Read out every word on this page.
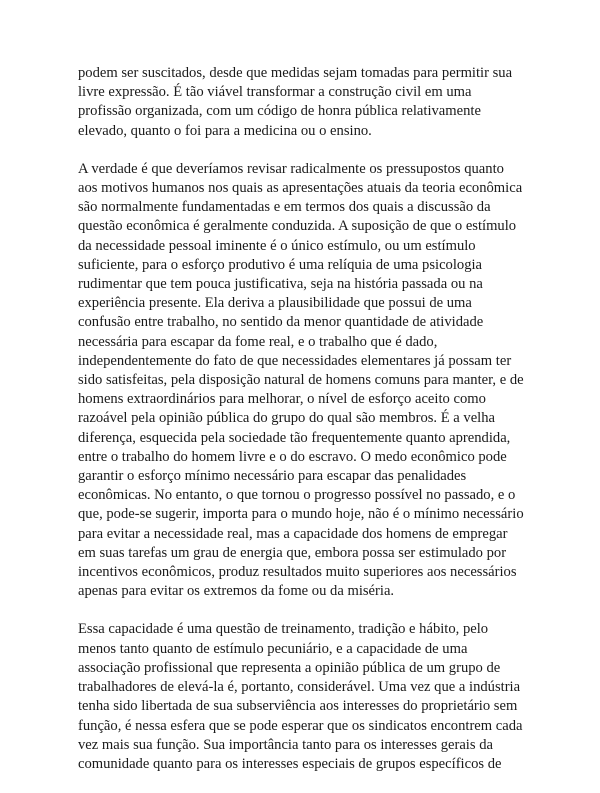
podem ser suscitados, desde que medidas sejam tomadas para permitir sua
livre expressão. É tão viável transformar a construção civil em uma
profissão organizada, com um código de honra pública relativamente
elevado, quanto o foi para a medicina ou o ensino.

A verdade é que deveríamos revisar radicalmente os pressupostos quanto
aos motivos humanos nos quais as apresentações atuais da teoria econômica
são normalmente fundamentadas e em termos dos quais a discussão da
questão econômica é geralmente conduzida. A suposição de que o estímulo
da necessidade pessoal iminente é o único estímulo, ou um estímulo
suficiente, para o esforço produtivo é uma relíquia de uma psicologia
rudimentar que tem pouca justificativa, seja na história passada ou na
experiência presente. Ela deriva a plausibilidade que possui de uma
confusão entre trabalho, no sentido da menor quantidade de atividade
necessária para escapar da fome real, e o trabalho que é dado,
independentemente do fato de que necessidades elementares já possam ter
sido satisfeitas, pela disposição natural de homens comuns para manter, e de
homens extraordinários para melhorar, o nível de esforço aceito como
razoável pela opinião pública do grupo do qual são membros. É a velha
diferença, esquecida pela sociedade tão frequentemente quanto aprendida,
entre o trabalho do homem livre e o do escravo. O medo econômico pode
garantir o esforço mínimo necessário para escapar das penalidades
econômicas. No entanto, o que tornou o progresso possível no passado, e o
que, pode-se sugerir, importa para o mundo hoje, não é o mínimo necessário
para evitar a necessidade real, mas a capacidade dos homens de empregar
em suas tarefas um grau de energia que, embora possa ser estimulado por
incentivos econômicos, produz resultados muito superiores aos necessários
apenas para evitar os extremos da fome ou da miséria.

Essa capacidade é uma questão de treinamento, tradição e hábito, pelo
menos tanto quanto de estímulo pecuniário, e a capacidade de uma
associação profissional que representa a opinião pública de um grupo de
trabalhadores de elevá-la é, portanto, considerável. Uma vez que a indústria
tenha sido libertada de sua subserviência aos interesses do proprietário sem
função, é nessa esfera que se pode esperar que os sindicatos encontrem cada
vez mais sua função. Sua importância tanto para os interesses gerais da
comunidade quanto para os interesses especiais de grupos específicos de
